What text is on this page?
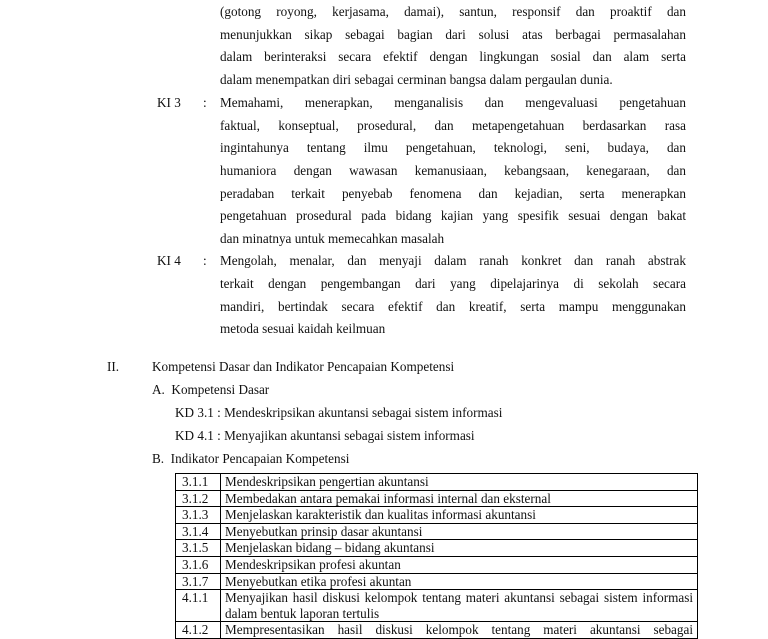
(gotong royong, kerjasama, damai), santun, responsif dan proaktif dan
menunjukkan sikap sebagai bagian dari solusi atas berbagai permasalahan
dalam berinteraksi secara efektif dengan lingkungan sosial dan alam serta
dalam menempatkan diri sebagai cerminan bangsa dalam pergaulan dunia.
KI 3 : Memahami, menerapkan, menganalisis dan mengevaluasi pengetahuan
faktual, konseptual, prosedural, dan metapengetahuan berdasarkan rasa
ingintahunya tentang ilmu pengetahuan, teknologi, seni, budaya, dan
humaniora dengan wawasan kemanusiaan, kebangsaan, kenegaraan, dan
peradaban terkait penyebab fenomena dan kejadian, serta menerapkan
pengetahuan prosedural pada bidang kajian yang spesifik sesuai dengan bakat
dan minatnya untuk memecahkan masalah
KI 4 : Mengolah, menalar, dan menyaji dalam ranah konkret dan ranah abstrak
terkait dengan pengembangan dari yang dipelajarinya di sekolah secara
mandiri, bertindak secara efektif dan kreatif, serta mampu menggunakan
metoda sesuai kaidah keilmuan
II. Kompetensi Dasar dan Indikator Pencapaian Kompetensi
A.  Kompetensi Dasar
KD 3.1 : Mendeskripsikan akuntansi sebagai sistem informasi
KD 4.1 : Menyajikan akuntansi sebagai sistem informasi
B.  Indikator Pencapaian Kompetensi
3.1.1	Mendeskripsikan pengertian akuntansi
3.1.2	Membedakan antara pemakai informasi internal dan eksternal
3.1.3	Menjelaskan karakteristik dan kualitas informasi akuntansi
3.1.4	Menyebutkan prinsip dasar akuntansi
3.1.5	Menjelaskan bidang – bidang akuntansi
3.1.6	Mendeskripsikan profesi akuntan
3.1.7	Menyebutkan etika profesi akuntan
4.1.1	Menyajikan hasil diskusi kelompok tentang materi akuntansi sebagai sistem informasi dalam bentuk laporan tertulis
4.1.2	Mempresentasikan hasil diskusi kelompok tentang materi akuntansi sebagai
